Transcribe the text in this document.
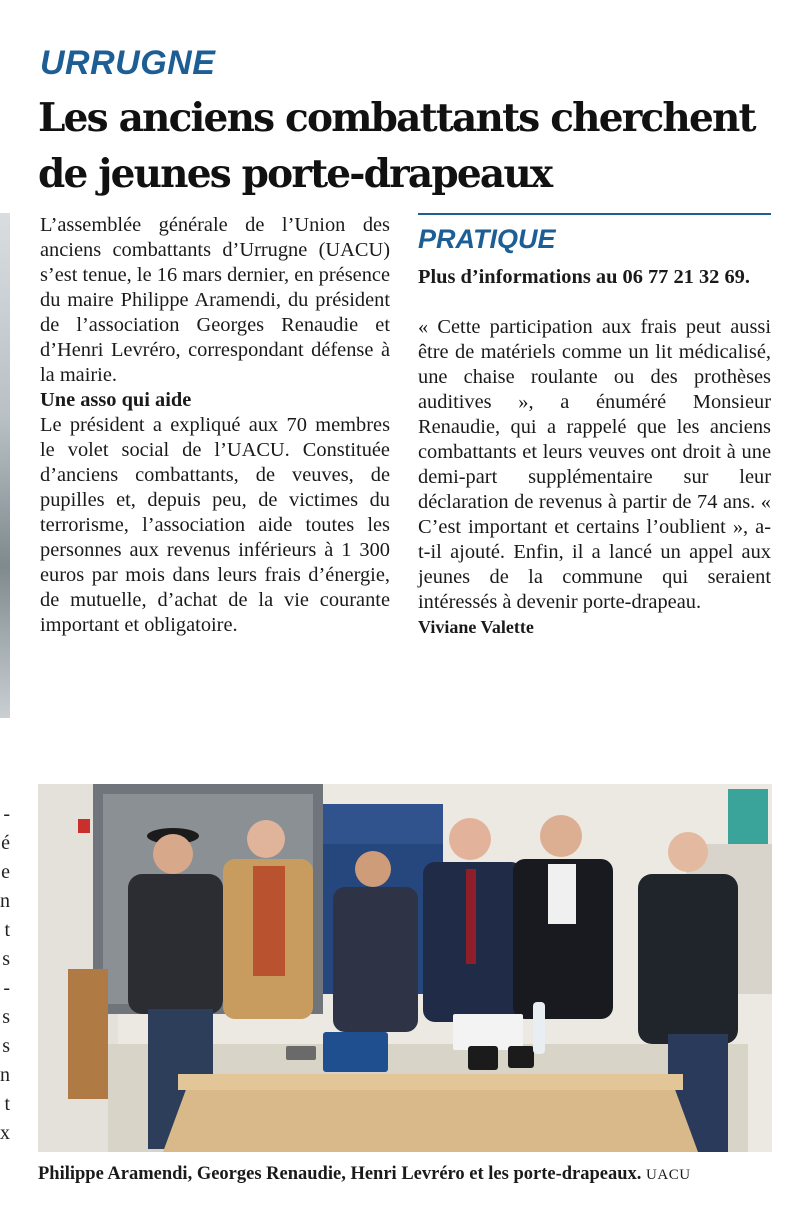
-
é
e
n
t
s
-
s
s
n
t
x
URRUGNE
Les anciens combattants cherchent de jeunes porte-drapeaux

L’assemblée générale de l’Union des anciens combattants d’Urrugne (UACU) s’est tenue, le 16 mars dernier, en présence du maire Philippe Aramendi, du président de l’association Georges Renaudie et d’Henri Levréro, correspondant défense à la mairie.

Une asso qui aide

Le président a expliqué aux 70 membres le volet social de l’UACU. Constituée d’anciens combattants, de veuves, de pupilles et, depuis peu, de victimes du terrorisme, l’association aide toutes les personnes aux revenus inférieurs à 1 300 euros par mois dans leurs frais d’énergie, de mutuelle, d’achat de la vie courante important et obligatoire.

PRATIQUE

Plus d’informations au 06 77 21 32 69.

« Cette participation aux frais peut aussi être de matériels comme un lit médicalisé, une chaise roulante ou des prothèses auditives », a énuméré Monsieur Renaudie, qui a rappelé que les anciens combattants et leurs veuves ont droit à une demi-part supplémentaire sur leur déclaration de revenus à partir de 74 ans. « C’est important et certains l’oublient », a-t-il ajouté. Enfin, il a lancé un appel aux jeunes de la commune qui seraient intéressés à devenir porte-drapeau.

Viviane Valette

Philippe Aramendi, Georges Renaudie, Henri Levréro et les porte-drapeaux. UACU
